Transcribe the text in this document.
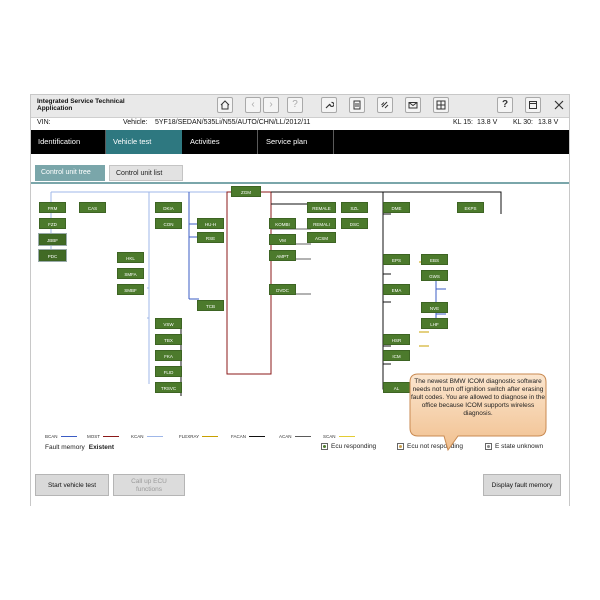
Integrated Service Technical Application	‹	›	?	?
VIN:	Vehicle: 5YF18/SEDAN/535Li/N55/AUTO/CHN/LL/2012/11	KL 15: 13.8 V KL 30: 13.8 V
Identification	Vehicle test	Activities	Service plan
Control unit tree	Control unit list
FRM	CAS
FZD
JBBF
PDC	HKL
SMFA
SMBF
DKIA
CON	HU-H
RSE
TCB
VSW
TBX
FKA
FLID
TRSVC
ZGM
KOMBI
VM
AMPT
DVDC
REMALE
REMALI
ACSM
SZL
DSC
DME	EKPS
EPS	EBS
GWS
EMA
NVE
LHF
HSR
ICM
AL
BCAN	MOST	KCAN	FLEXRAY	FACAN	ACAN	SCAN
Fault memory Existent	Ecu responding	Ecu not responding	E state unknown
Start vehicle test
Call up ECU
functions
Display fault memory
The newest BMW ICOM diagnostic software needs not turn off ignition switch after erasing fault codes. You are allowed to diagnose in the office because ICOM supports wireless diagnosis.
